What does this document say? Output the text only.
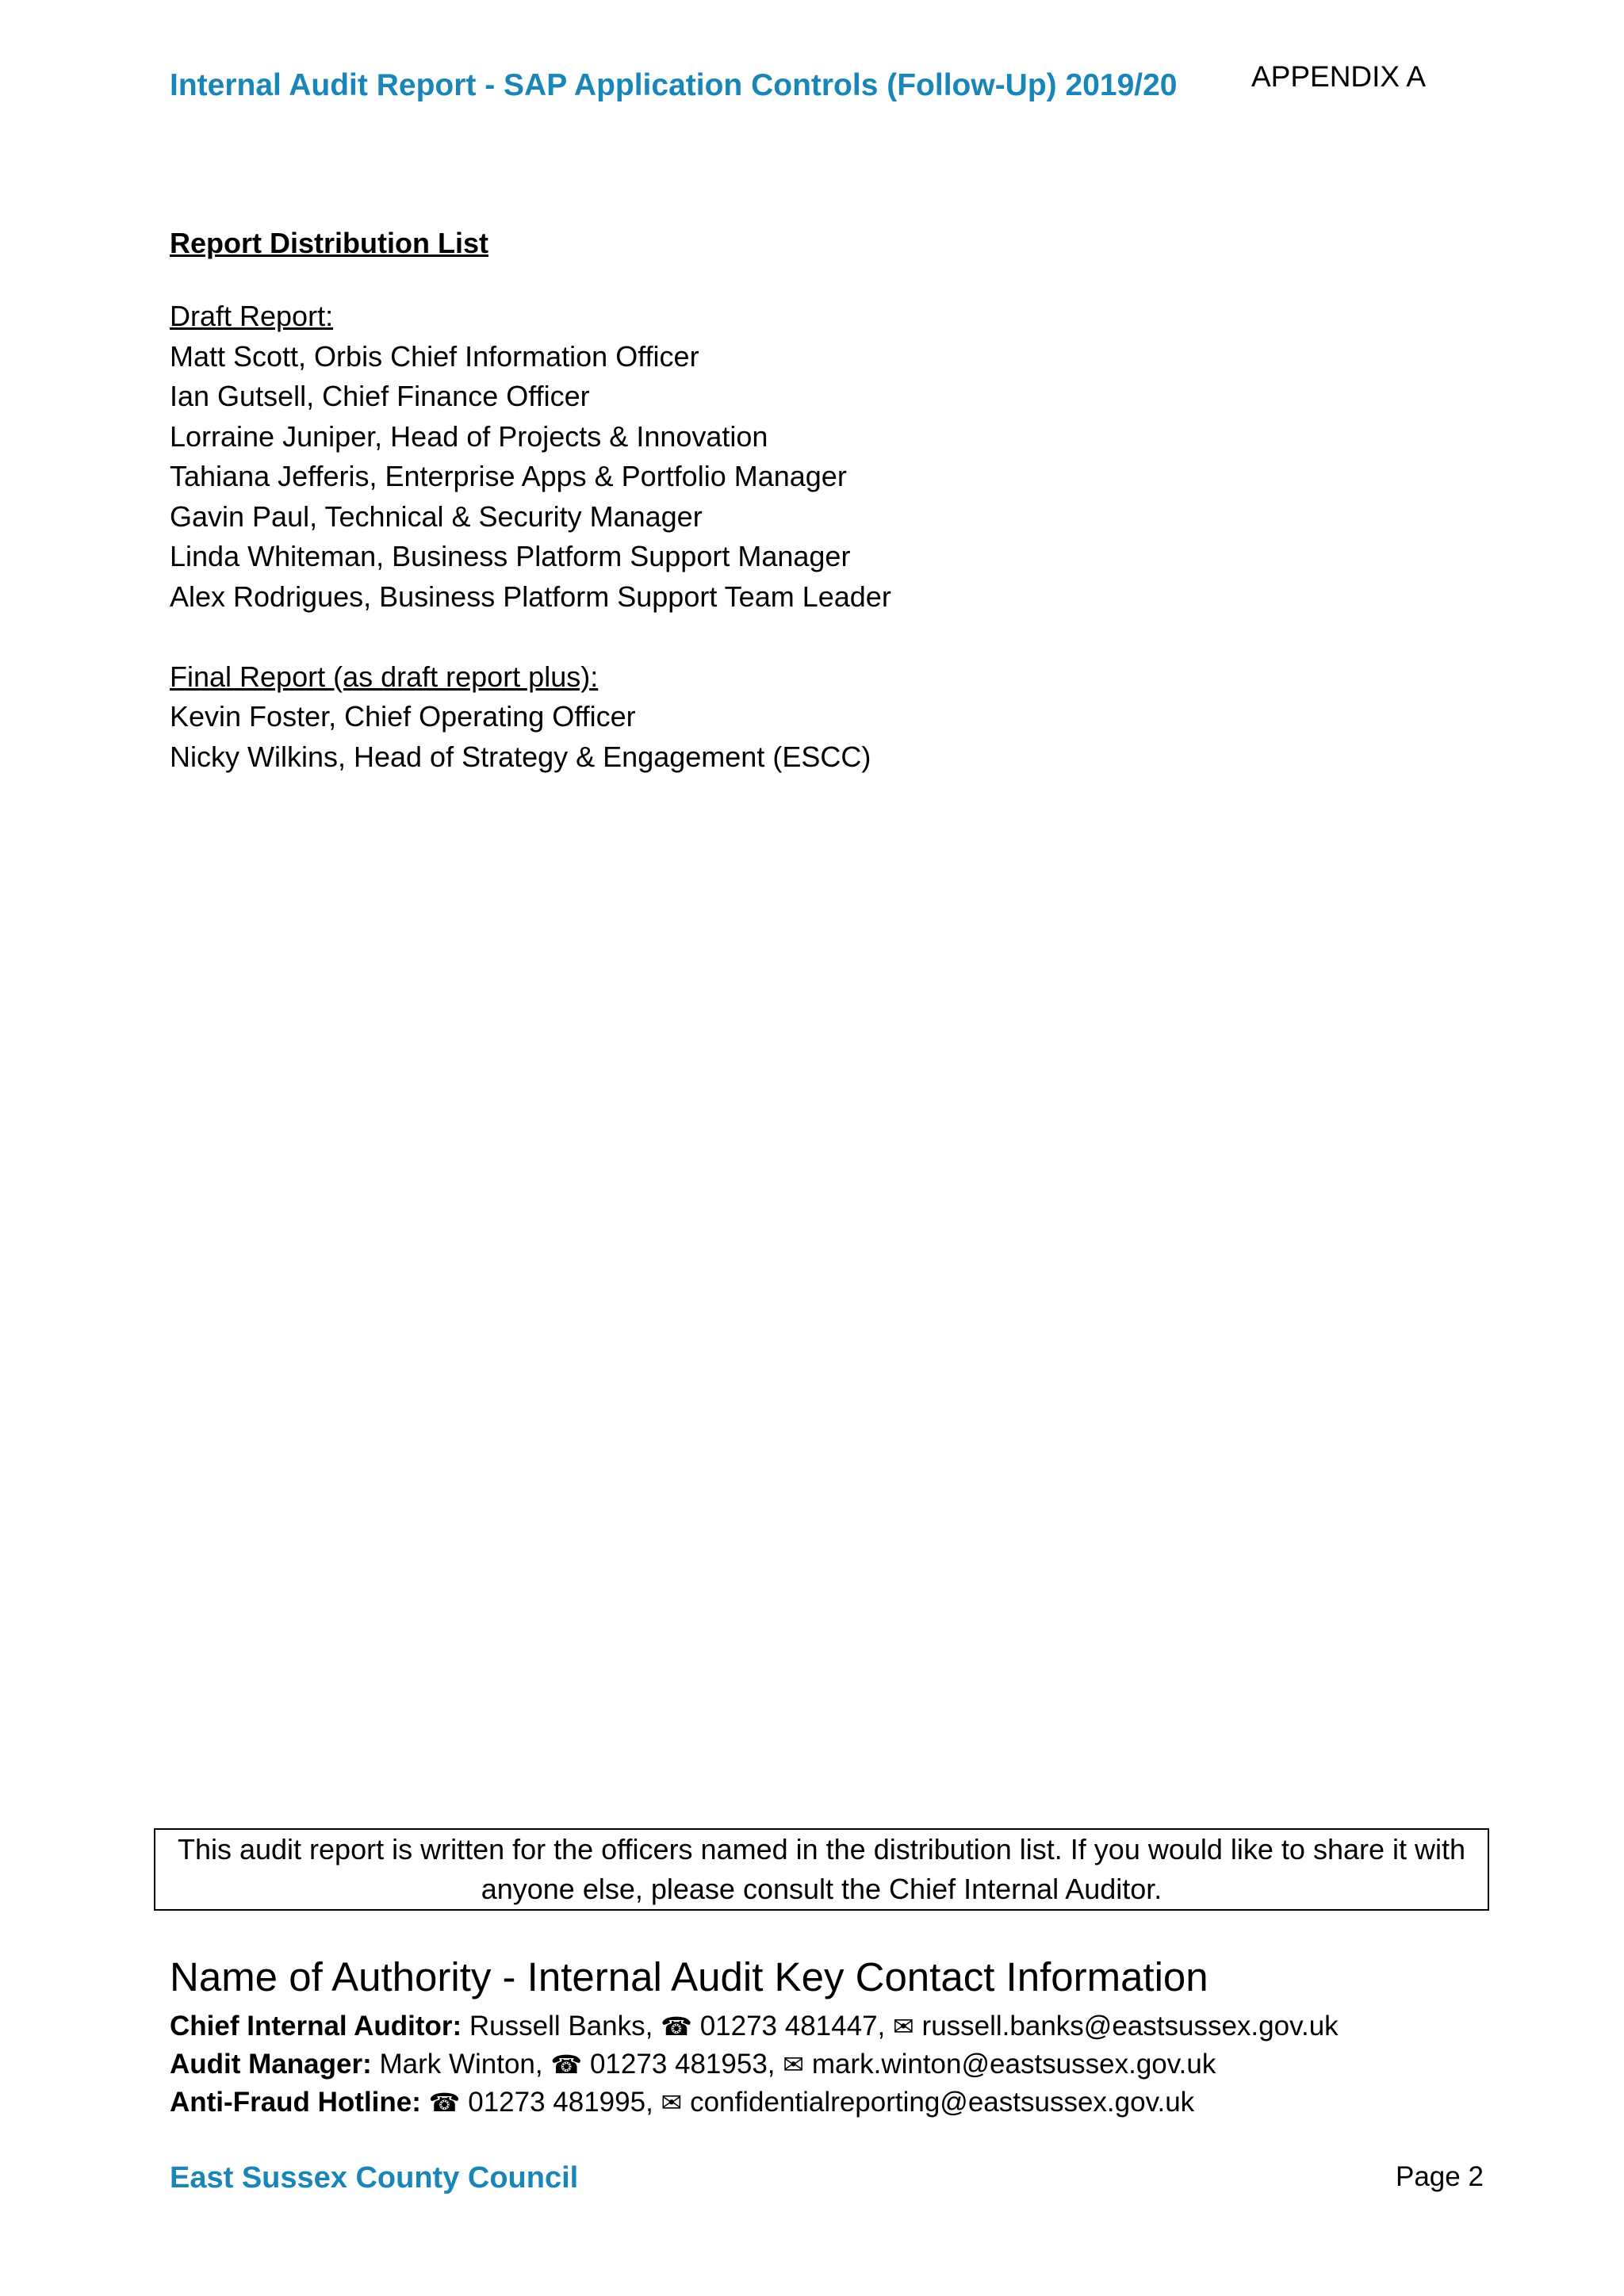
Internal Audit Report - SAP Application Controls (Follow-Up) 2019/20	APPENDIX A
Report Distribution List
Draft Report:
Matt Scott, Orbis Chief Information Officer
Ian Gutsell, Chief Finance Officer
Lorraine Juniper, Head of Projects & Innovation
Tahiana Jefferis, Enterprise Apps & Portfolio Manager
Gavin Paul, Technical & Security Manager
Linda Whiteman, Business Platform Support Manager
Alex Rodrigues, Business Platform Support Team Leader
Final Report (as draft report plus):
Kevin Foster, Chief Operating Officer
Nicky Wilkins, Head of Strategy & Engagement (ESCC)
This audit report is written for the officers named in the distribution list. If you would like to share it with anyone else, please consult the Chief Internal Auditor.
Name of Authority - Internal Audit Key Contact Information
Chief Internal Auditor: Russell Banks, ☎ 01273 481447, ✉ russell.banks@eastsussex.gov.uk
Audit Manager: Mark Winton, ☎ 01273 481953, ✉ mark.winton@eastsussex.gov.uk
Anti-Fraud Hotline: ☎ 01273 481995, ✉ confidentialreporting@eastsussex.gov.uk
East Sussex County Council	Page 2
